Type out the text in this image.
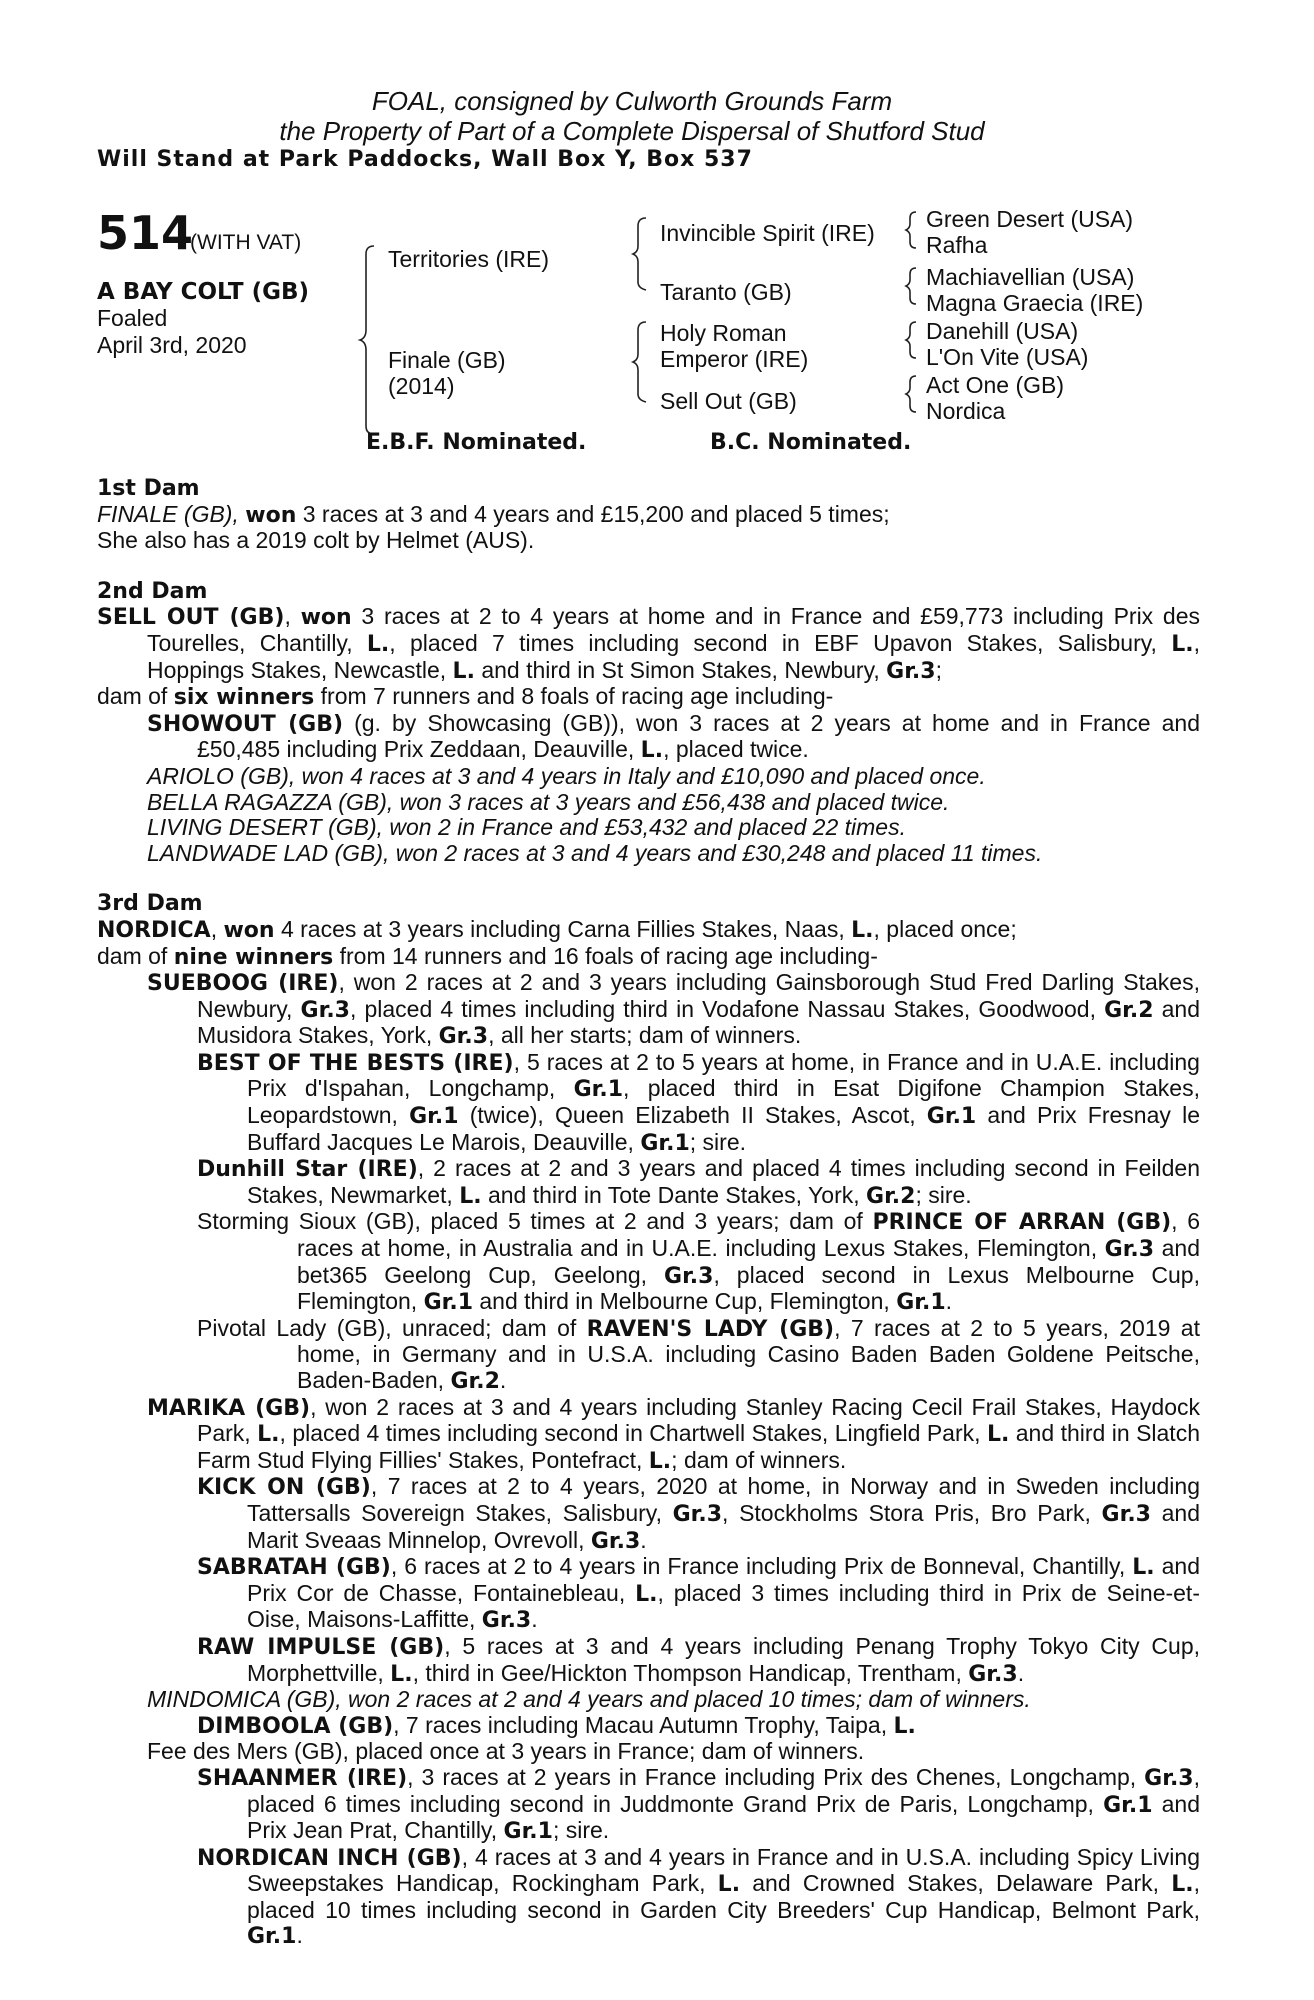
FOAL, consigned by Culworth Grounds Farm
the Property of Part of a Complete Dispersal of Shutford Stud
Will Stand at Park Paddocks, Wall Box Y, Box 537
514
(WITH VAT)
A BAY COLT (GB)
Foaled
April 3rd, 2020
Territories (IRE)
Finale (GB)
(2014)
Invincible Spirit (IRE)
Taranto (GB)
Holy Roman
Emperor (IRE)
Sell Out (GB)
Green Desert (USA)
Rafha
Machiavellian (USA)
Magna Graecia (IRE)
Danehill (USA)
L'On Vite (USA)
Act One (GB)
Nordica
E.B.F. Nominated.	B.C. Nominated.
1st Dam

FINALE (GB), won 3 races at 3 and 4 years and £15,200 and placed 5 times;

She also has a 2019 colt by Helmet (AUS).

2nd Dam

SELL OUT (GB), won 3 races at 2 to 4 years at home and in France and £59,773 including Prix des Tourelles, Chantilly, L., placed 7 times including second in EBF Upavon Stakes, Salisbury, L., Hoppings Stakes, Newcastle, L. and third in St Simon Stakes, Newbury, Gr.3;

dam of six winners from 7 runners and 8 foals of racing age including-

SHOWOUT (GB) (g. by Showcasing (GB)), won 3 races at 2 years at home and in France and £50,485 including Prix Zeddaan, Deauville, L., placed twice.

ARIOLO (GB), won 4 races at 3 and 4 years in Italy and £10,090 and placed once.

BELLA RAGAZZA (GB), won 3 races at 3 years and £56,438 and placed twice.

LIVING DESERT (GB), won 2 in France and £53,432 and placed 22 times.

LANDWADE LAD (GB), won 2 races at 3 and 4 years and £30,248 and placed 11 times.

3rd Dam

NORDICA, won 4 races at 3 years including Carna Fillies Stakes, Naas, L., placed once;

dam of nine winners from 14 runners and 16 foals of racing age including-

SUEBOOG (IRE), won 2 races at 2 and 3 years including Gainsborough Stud Fred Darling Stakes, Newbury, Gr.3, placed 4 times including third in Vodafone Nassau Stakes, Goodwood, Gr.2 and Musidora Stakes, York, Gr.3, all her starts; dam of winners.

BEST OF THE BESTS (IRE), 5 races at 2 to 5 years at home, in France and in U.A.E. including Prix d'Ispahan, Longchamp, Gr.1, placed third in Esat Digifone Champion Stakes, Leopardstown, Gr.1 (twice), Queen Elizabeth II Stakes, Ascot, Gr.1 and Prix Fresnay le Buffard Jacques Le Marois, Deauville, Gr.1; sire.

Dunhill Star (IRE), 2 races at 2 and 3 years and placed 4 times including second in Feilden Stakes, Newmarket, L. and third in Tote Dante Stakes, York, Gr.2; sire.

Storming Sioux (GB), placed 5 times at 2 and 3 years; dam of PRINCE OF ARRAN (GB), 6 races at home, in Australia and in U.A.E. including Lexus Stakes, Flemington, Gr.3 and bet365 Geelong Cup, Geelong, Gr.3, placed second in Lexus Melbourne Cup, Flemington, Gr.1 and third in Melbourne Cup, Flemington, Gr.1.

Pivotal Lady (GB), unraced; dam of RAVEN'S LADY (GB), 7 races at 2 to 5 years, 2019 at home, in Germany and in U.S.A. including Casino Baden Baden Goldene Peitsche, Baden-Baden, Gr.2.

MARIKA (GB), won 2 races at 3 and 4 years including Stanley Racing Cecil Frail Stakes, Haydock Park, L., placed 4 times including second in Chartwell Stakes, Lingfield Park, L. and third in Slatch Farm Stud Flying Fillies' Stakes, Pontefract, L.; dam of winners.

KICK ON (GB), 7 races at 2 to 4 years, 2020 at home, in Norway and in Sweden including Tattersalls Sovereign Stakes, Salisbury, Gr.3, Stockholms Stora Pris, Bro Park, Gr.3 and Marit Sveaas Minnelop, Ovrevoll, Gr.3.

SABRATAH (GB), 6 races at 2 to 4 years in France including Prix de Bonneval, Chantilly, L. and Prix Cor de Chasse, Fontainebleau, L., placed 3 times including third in Prix de Seine-et-Oise, Maisons-Laffitte, Gr.3.

RAW IMPULSE (GB), 5 races at 3 and 4 years including Penang Trophy Tokyo City Cup, Morphettville, L., third in Gee/Hickton Thompson Handicap, Trentham, Gr.3.

MINDOMICA (GB), won 2 races at 2 and 4 years and placed 10 times; dam of winners.

DIMBOOLA (GB), 7 races including Macau Autumn Trophy, Taipa, L.

Fee des Mers (GB), placed once at 3 years in France; dam of winners.

SHAANMER (IRE), 3 races at 2 years in France including Prix des Chenes, Longchamp, Gr.3, placed 6 times including second in Juddmonte Grand Prix de Paris, Longchamp, Gr.1 and Prix Jean Prat, Chantilly, Gr.1; sire.

NORDICAN INCH (GB), 4 races at 3 and 4 years in France and in U.S.A. including Spicy Living Sweepstakes Handicap, Rockingham Park, L. and Crowned Stakes, Delaware Park, L., placed 10 times including second in Garden City Breeders' Cup Handicap, Belmont Park, Gr.1.
